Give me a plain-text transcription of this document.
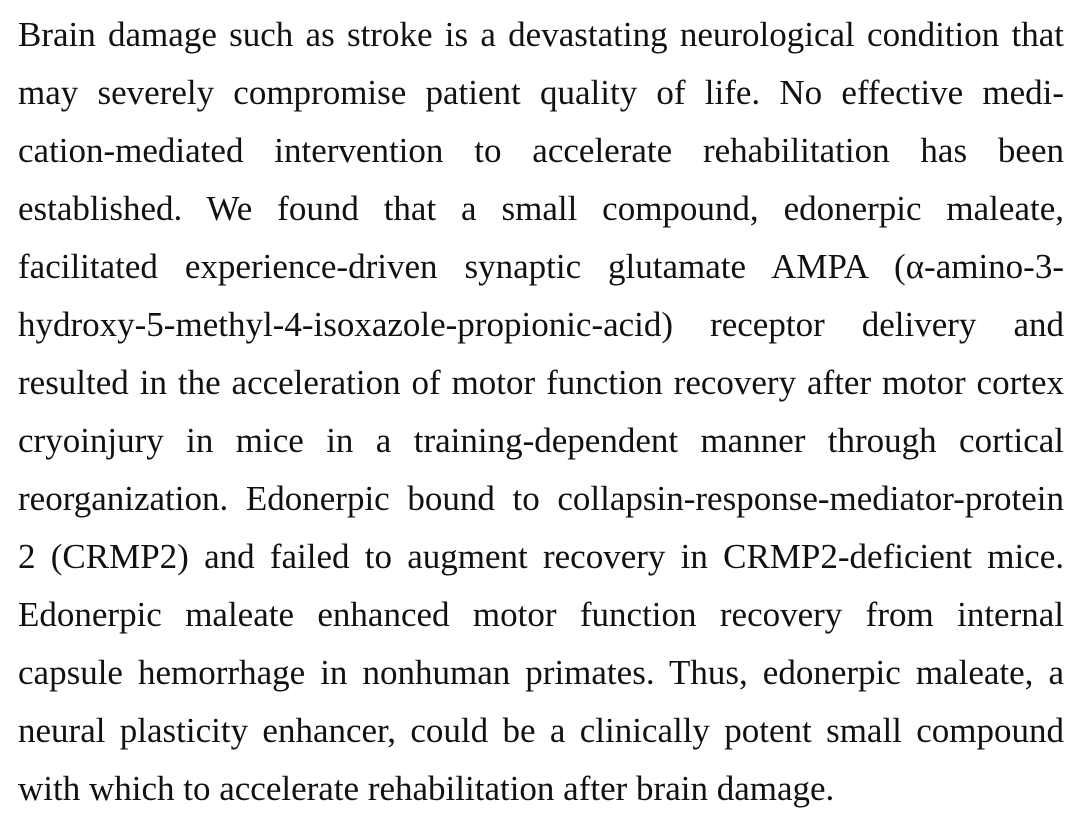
Brain damage such as stroke is a devastating neurological condition that
may severely compromise patient quality of life. No effective medi-
cation-mediated intervention to accelerate rehabilitation has been
established. We found that a small compound, edonerpic maleate,
facilitated experience-driven synaptic glutamate AMPA (α-amino-3-
hydroxy-5-methyl-4-isoxazole-propionic-acid) receptor delivery and
resulted in the acceleration of motor function recovery after motor cortex
cryoinjury in mice in a training-dependent manner through cortical
reorganization. Edonerpic bound to collapsin-response-mediator-protein
2 (CRMP2) and failed to augment recovery in CRMP2-deficient mice.
Edonerpic maleate enhanced motor function recovery from internal
capsule hemorrhage in nonhuman primates. Thus, edonerpic maleate, a
neural plasticity enhancer, could be a clinically potent small compound
with which to accelerate rehabilitation after brain damage.
